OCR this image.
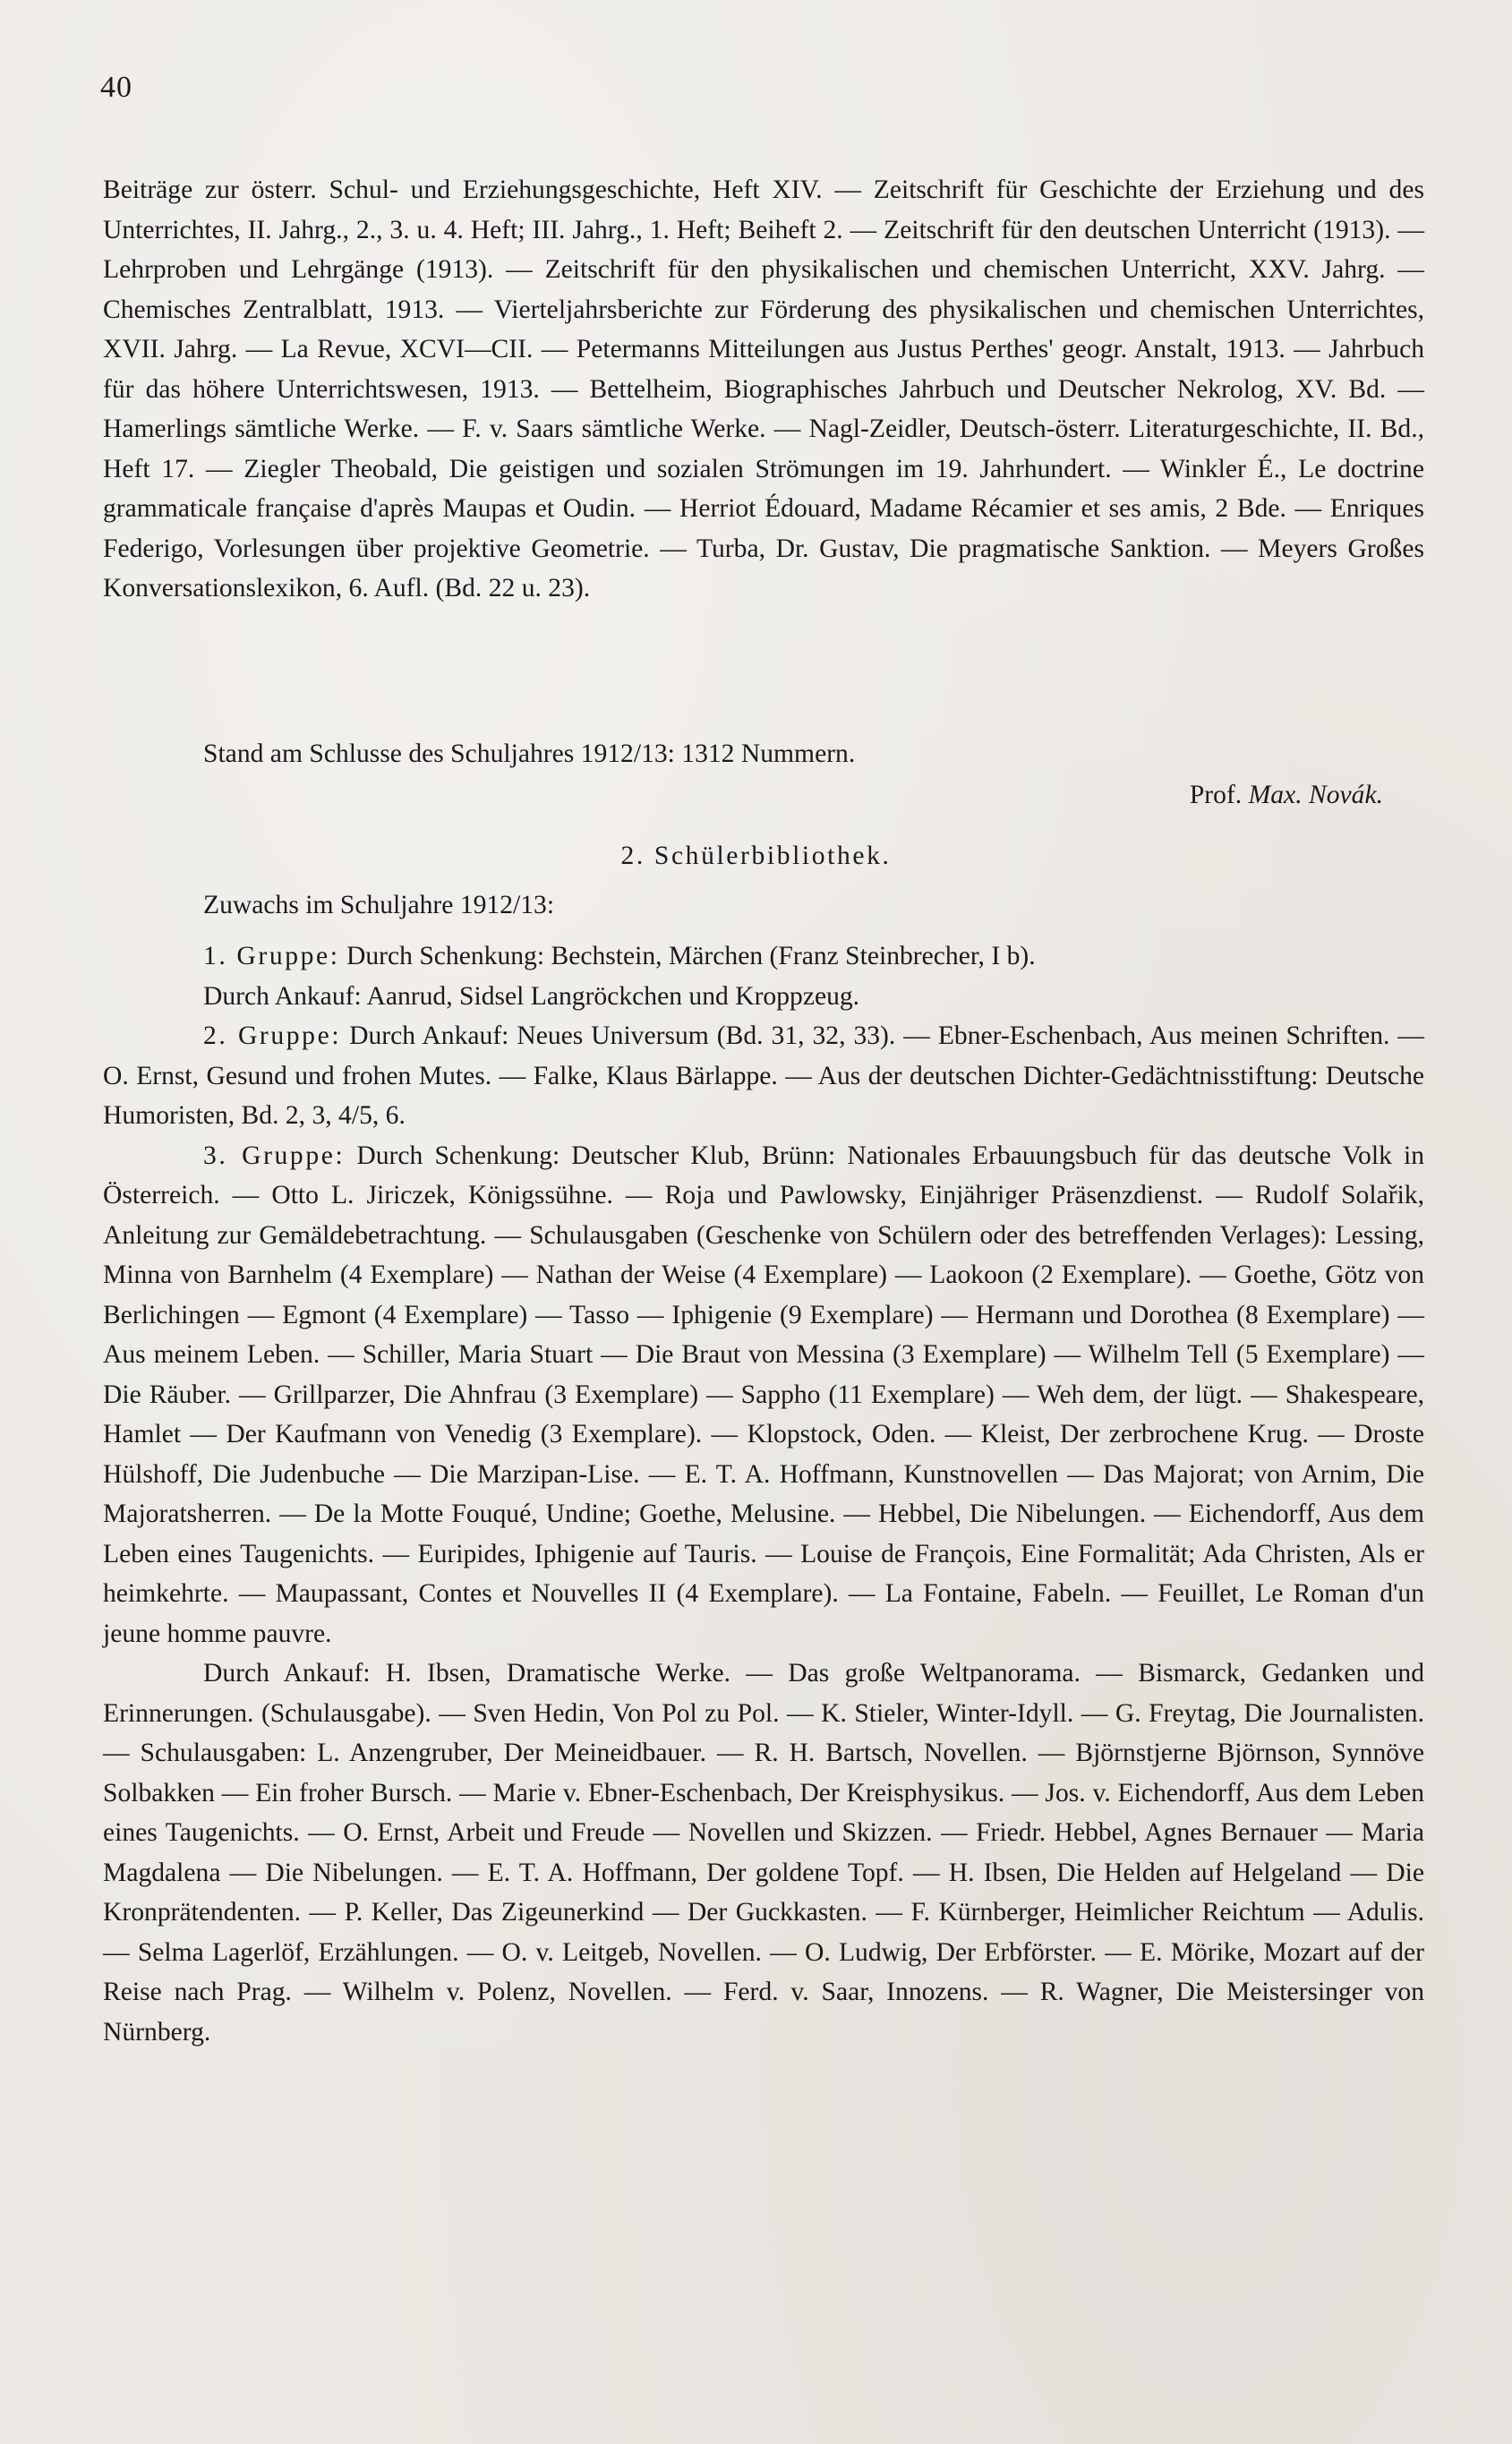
40

Beiträge zur österr. Schul- und Erziehungsgeschichte, Heft XIV. — Zeitschrift für Geschichte der Erziehung und des Unterrichtes, II. Jahrg., 2., 3. u. 4. Heft; III. Jahrg., 1. Heft; Beiheft 2. — Zeitschrift für den deutschen Unterricht (1913). — Lehrproben und Lehrgänge (1913). — Zeitschrift für den physikalischen und chemischen Unterricht, XXV. Jahrg. — Chemisches Zentralblatt, 1913. — Vierteljahrsberichte zur Förderung des physikalischen und chemischen Unterrichtes, XVII. Jahrg. — La Revue, XCVI—CII. — Petermanns Mitteilungen aus Justus Perthes' geogr. Anstalt, 1913. — Jahrbuch für das höhere Unterrichtswesen, 1913. — Bettelheim, Biographisches Jahrbuch und Deutscher Nekrolog, XV. Bd. — Hamerlings sämtliche Werke. — F. v. Saars sämtliche Werke. — Nagl-Zeidler, Deutsch-österr. Literaturgeschichte, II. Bd., Heft 17. — Ziegler Theobald, Die geistigen und sozialen Strömungen im 19. Jahrhundert. — Winkler É., Le doctrine grammaticale française d'après Maupas et Oudin. — Herriot Édouard, Madame Récamier et ses amis, 2 Bde. — Enriques Federigo, Vorlesungen über projektive Geometrie. — Turba, Dr. Gustav, Die pragmatische Sanktion. — Meyers Großes Konversationslexikon, 6. Aufl. (Bd. 22 u. 23).

Stand am Schlusse des Schuljahres 1912/13: 1312 Nummern.
Prof. Max. Novák.
2. Schülerbibliothek.
Zuwachs im Schuljahre 1912/13:

1. Gruppe: Durch Schenkung: Bechstein, Märchen (Franz Steinbrecher, I b).

Durch Ankauf: Aanrud, Sidsel Langröckchen und Kroppzeug.

2. Gruppe: Durch Ankauf: Neues Universum (Bd. 31, 32, 33). — Ebner-Eschenbach, Aus meinen Schriften. — O. Ernst, Gesund und frohen Mutes. — Falke, Klaus Bärlappe. — Aus der deutschen Dichter-Gedächtnisstiftung: Deutsche Humoristen, Bd. 2, 3, 4/5, 6.

3. Gruppe: Durch Schenkung: Deutscher Klub, Brünn: Nationales Erbauungsbuch für das deutsche Volk in Österreich. — Otto L. Jiriczek, Königssühne. — Roja und Pawlowsky, Einjähriger Präsenzdienst. — Rudolf Solařik, Anleitung zur Gemäldebetrachtung. — Schulausgaben (Geschenke von Schülern oder des betreffenden Verlages): Lessing, Minna von Barnhelm (4 Exemplare) — Nathan der Weise (4 Exemplare) — Laokoon (2 Exemplare). — Goethe, Götz von Berlichingen — Egmont (4 Exemplare) — Tasso — Iphigenie (9 Exemplare) — Hermann und Dorothea (8 Exemplare) — Aus meinem Leben. — Schiller, Maria Stuart — Die Braut von Messina (3 Exemplare) — Wilhelm Tell (5 Exemplare) — Die Räuber. — Grillparzer, Die Ahnfrau (3 Exemplare) — Sappho (11 Exemplare) — Weh dem, der lügt. — Shakespeare, Hamlet — Der Kaufmann von Venedig (3 Exemplare). — Klopstock, Oden. — Kleist, Der zerbrochene Krug. — Droste Hülshoff, Die Judenbuche — Die Marzipan-Lise. — E. T. A. Hoffmann, Kunstnovellen — Das Majorat; von Arnim, Die Majoratsherren. — De la Motte Fouqué, Undine; Goethe, Melusine. — Hebbel, Die Nibelungen. — Eichendorff, Aus dem Leben eines Taugenichts. — Euripides, Iphigenie auf Tauris. — Louise de François, Eine Formalität; Ada Christen, Als er heimkehrte. — Maupassant, Contes et Nouvelles II (4 Exemplare). — La Fontaine, Fabeln. — Feuillet, Le Roman d'un jeune homme pauvre.

Durch Ankauf: H. Ibsen, Dramatische Werke. — Das große Weltpanorama. — Bismarck, Gedanken und Erinnerungen. (Schulausgabe). — Sven Hedin, Von Pol zu Pol. — K. Stieler, Winter-Idyll. — G. Freytag, Die Journalisten. — Schulausgaben: L. Anzengruber, Der Meineidbauer. — R. H. Bartsch, Novellen. — Björnstjerne Björnson, Synnöve Solbakken — Ein froher Bursch. — Marie v. Ebner-Eschenbach, Der Kreisphysikus. — Jos. v. Eichendorff, Aus dem Leben eines Taugenichts. — O. Ernst, Arbeit und Freude — Novellen und Skizzen. — Friedr. Hebbel, Agnes Bernauer — Maria Magdalena — Die Nibelungen. — E. T. A. Hoffmann, Der goldene Topf. — H. Ibsen, Die Helden auf Helgeland — Die Kronprätendenten. — P. Keller, Das Zigeunerkind — Der Guckkasten. — F. Kürnberger, Heimlicher Reichtum — Adulis. — Selma Lagerlöf, Erzählungen. — O. v. Leitgeb, Novellen. — O. Ludwig, Der Erbförster. — E. Mörike, Mozart auf der Reise nach Prag. — Wilhelm v. Polenz, Novellen. — Ferd. v. Saar, Innozens. — R. Wagner, Die Meistersinger von Nürnberg.
